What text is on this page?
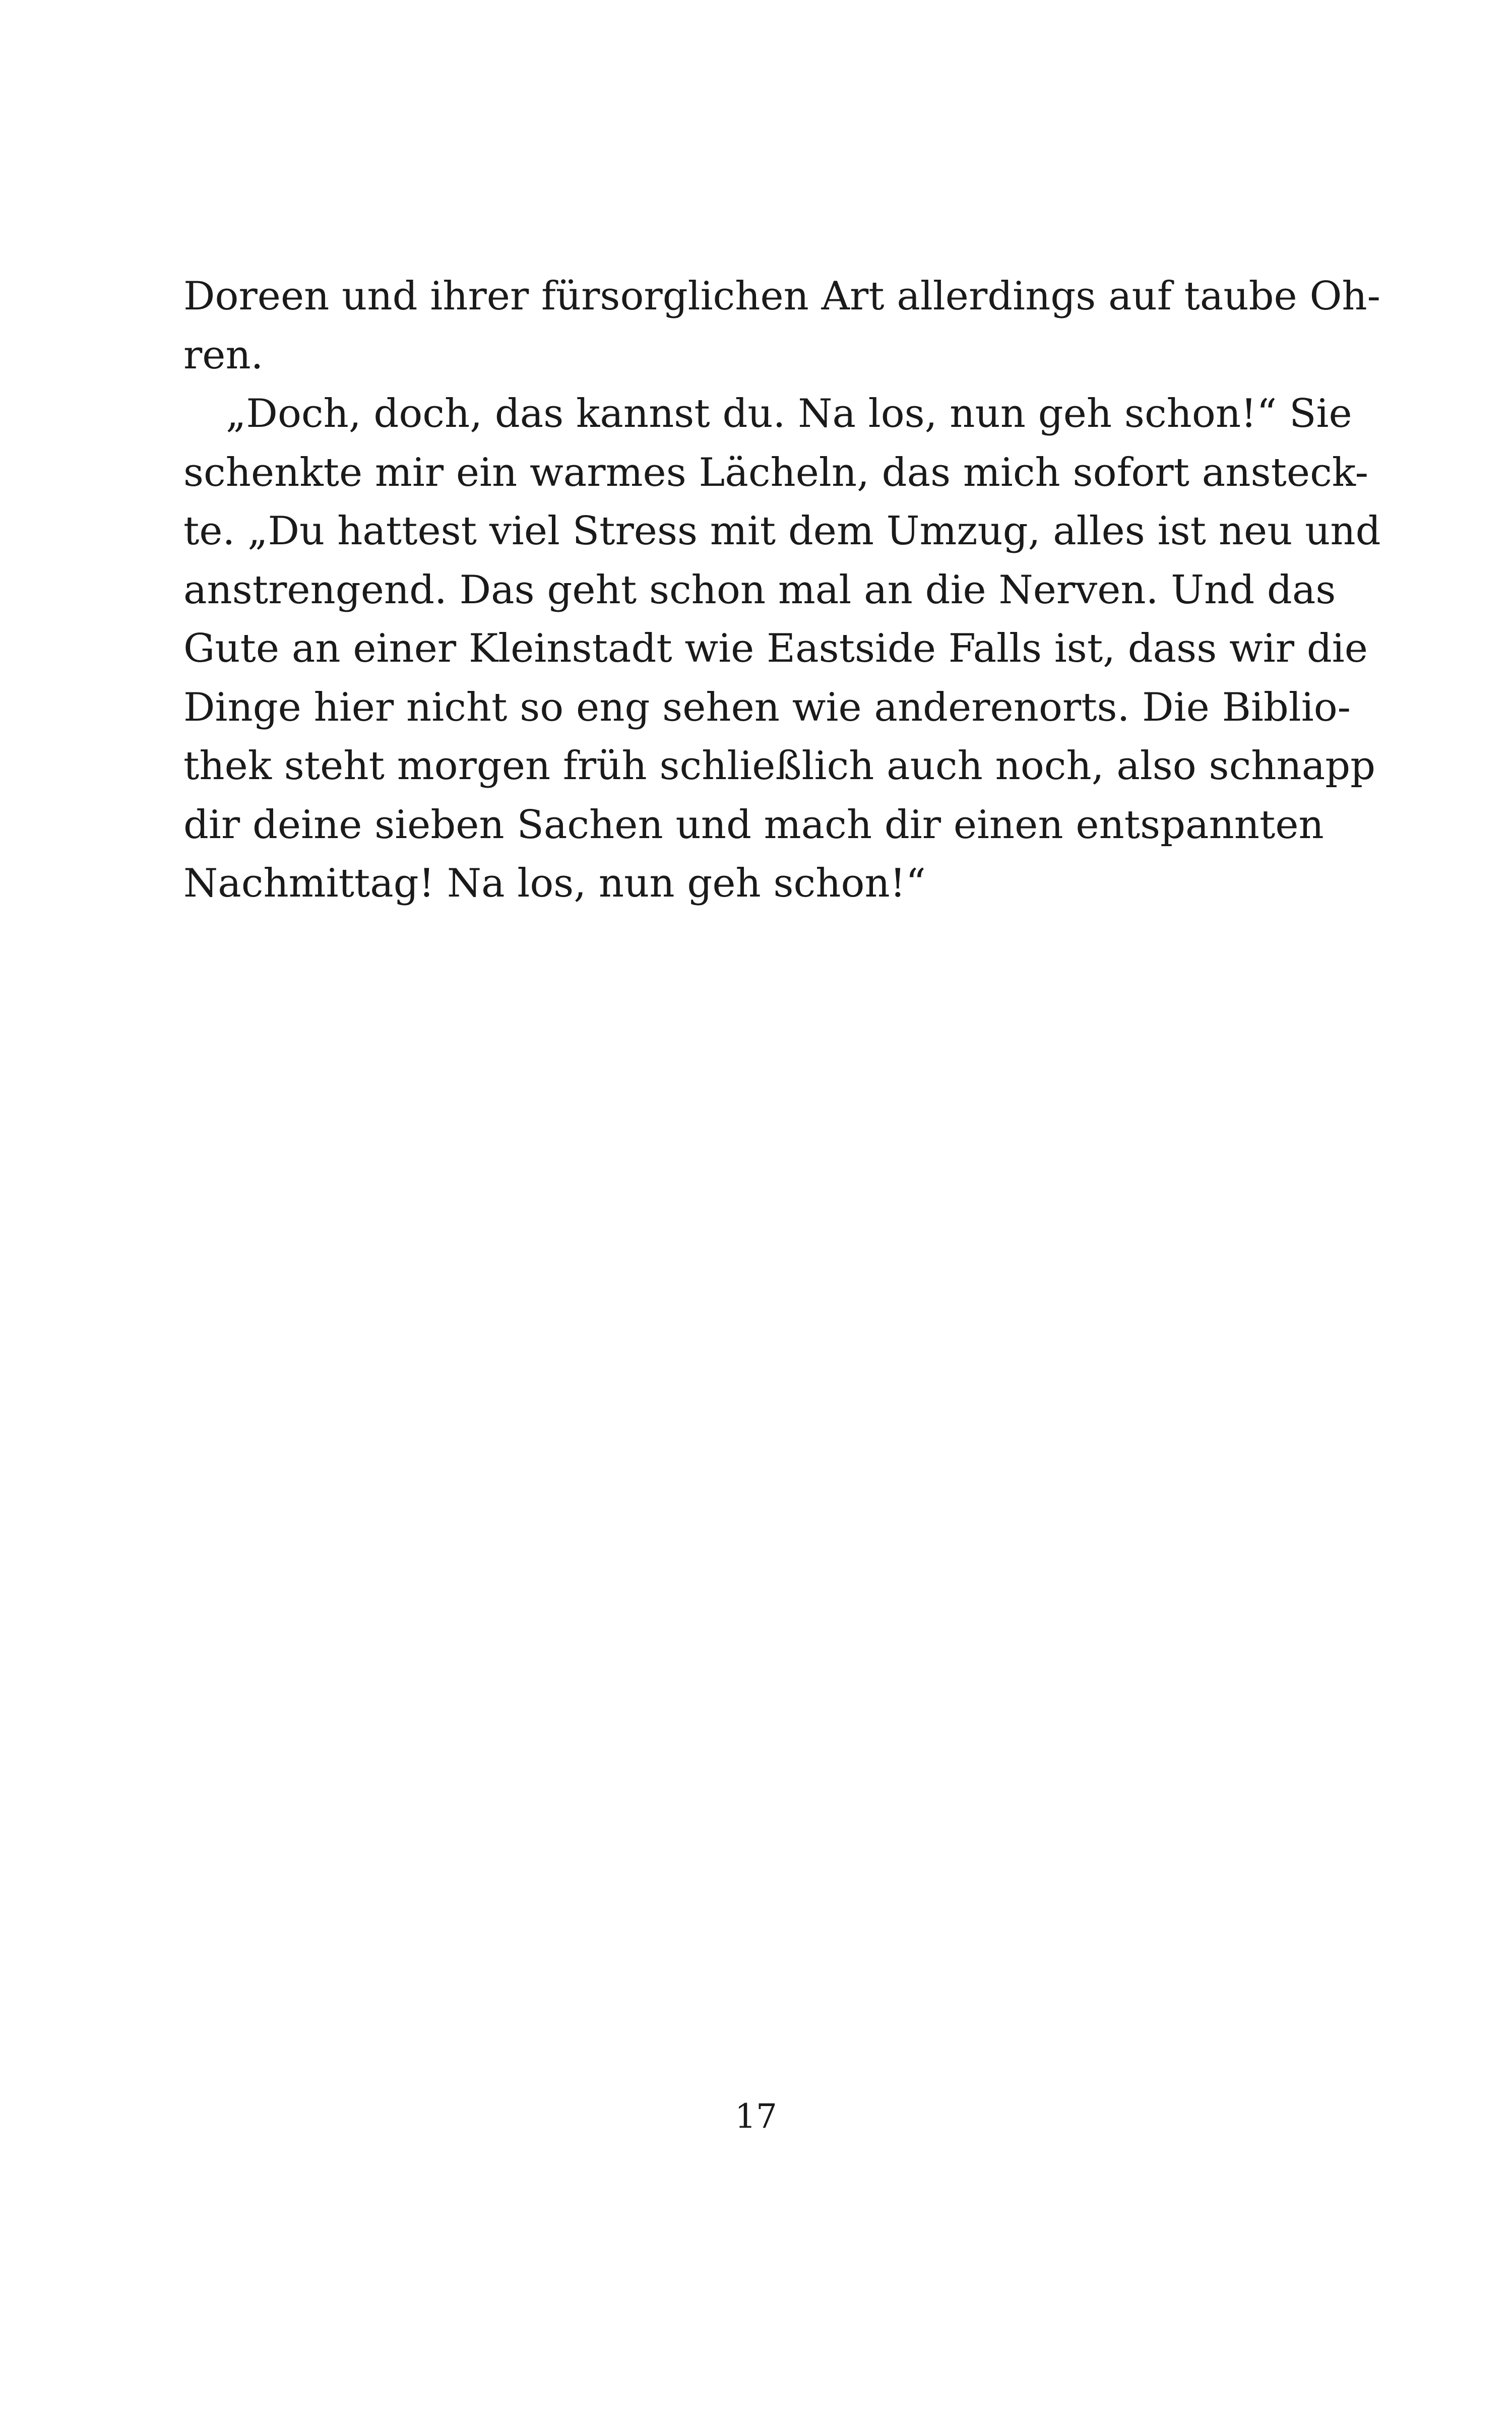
Doreen und ihrer fürsorglichen Art allerdings auf taube Oh-
ren.
„Doch, doch, das kannst du. Na los, nun geh schon!“ Sie
schenkte mir ein warmes Lächeln, das mich sofort ansteck-
te. „Du hattest viel Stress mit dem Umzug, alles ist neu und
anstrengend. Das geht schon mal an die Nerven. Und das
Gute an einer Kleinstadt wie Eastside Falls ist, dass wir die
Dinge hier nicht so eng sehen wie anderenorts. Die Biblio-
thek steht morgen früh schließlich auch noch, also schnapp
dir deine sieben Sachen und mach dir einen entspannten
Nachmittag! Na los, nun geh schon!“
17
